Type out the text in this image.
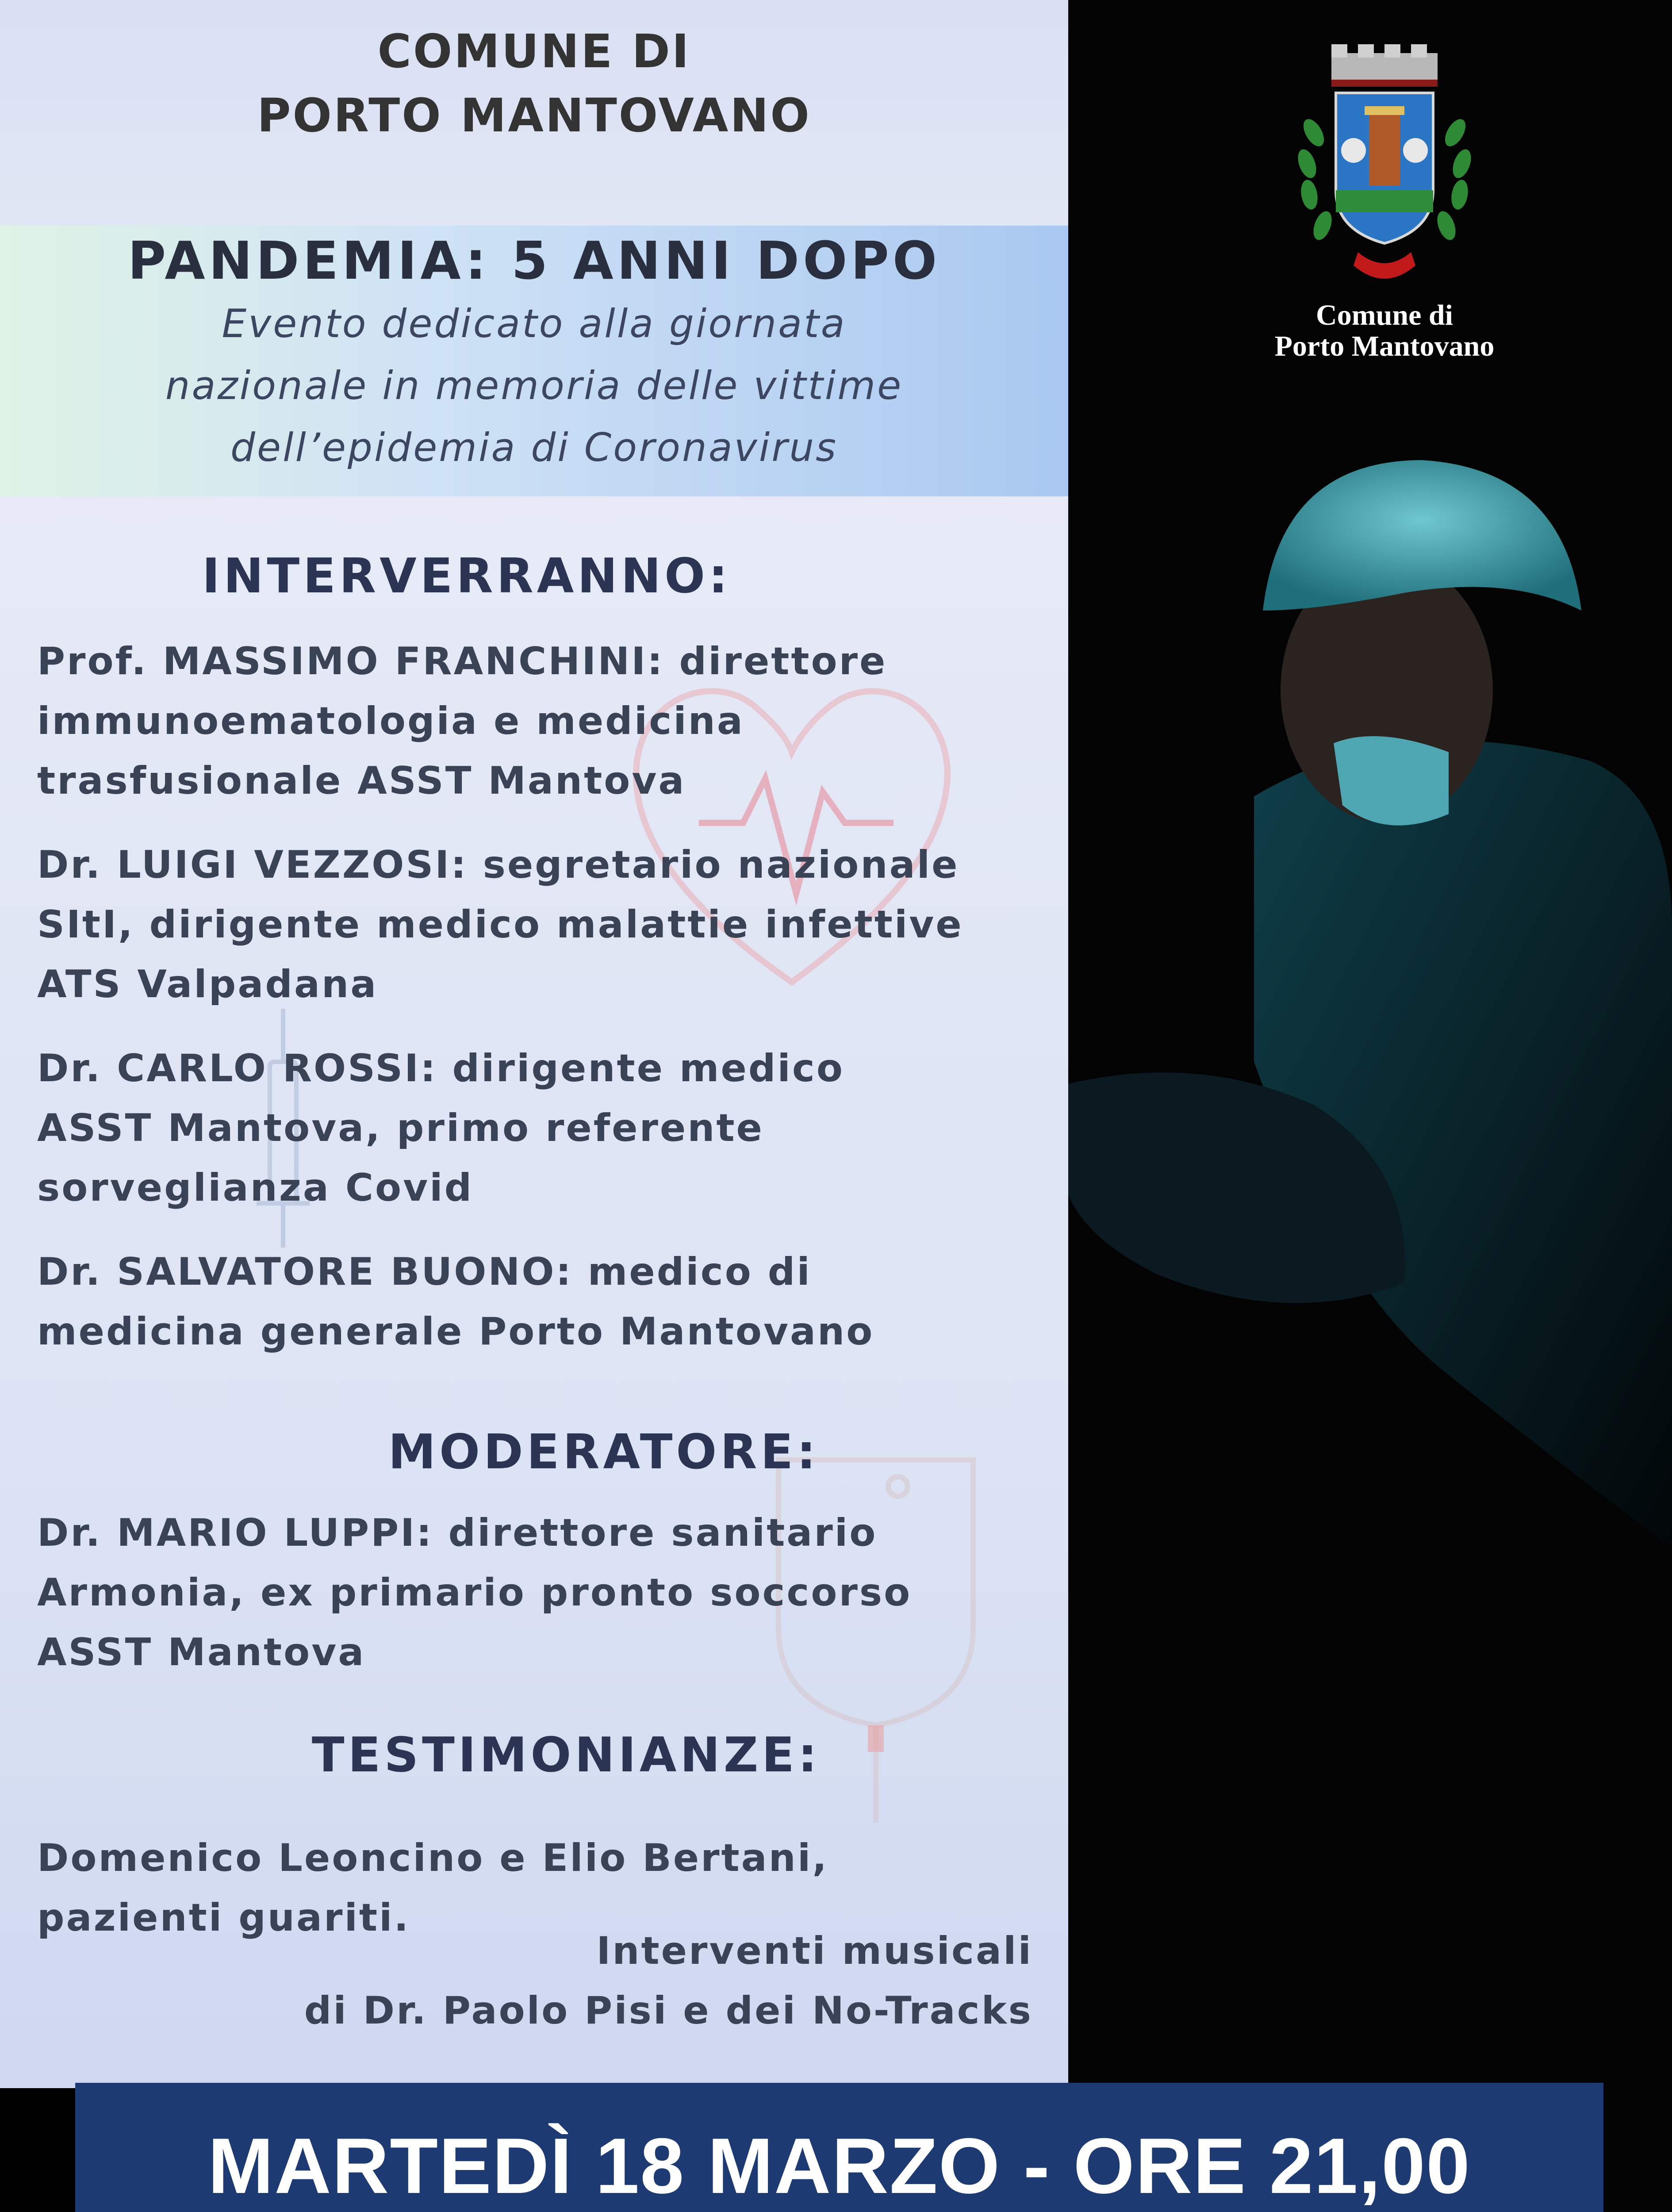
COMUNE DI
PORTO MANTOVANO
PANDEMIA: 5 ANNI DOPO
Evento dedicato alla giornata
nazionale in memoria delle vittime
dell’epidemia di Coronavirus
INTERVERRANNO:
Prof. MASSIMO FRANCHINI: direttore
immunoematologia e medicina
trasfusionale ASST Mantova
Dr. LUIGI VEZZOSI: segretario nazionale
SItI, dirigente medico malattie infettive
ATS Valpadana
Dr. CARLO ROSSI: dirigente medico
ASST Mantova, primo referente
sorveglianza Covid
Dr. SALVATORE BUONO: medico di
medicina generale Porto Mantovano
MODERATORE:
Dr. MARIO LUPPI: direttore sanitario
Armonia, ex primario pronto soccorso
ASST Mantova
TESTIMONIANZE:
Domenico Leoncino e Elio Bertani,
pazienti guariti.
Interventi musicali
di Dr. Paolo Pisi e dei No-Tracks
Comune di
Porto Mantovano
MARTEDÌ 18 MARZO - ORE 21,00
